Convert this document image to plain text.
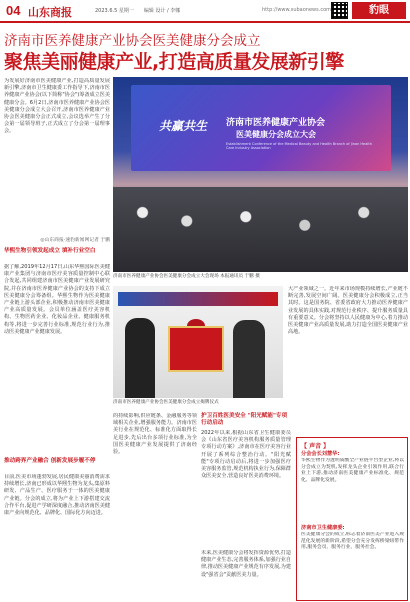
04 山东商报	2023.6.5 星期一　　编辑 设计 / 李娜	http://www.subaonews.com	豹眼
济南市医养健康产业协会医美健康分会成立
聚焦美丽健康产业,打造高质量发展新引擎
为发展好济南市医美健康产业,打造高质量发展新引擎,济南市卫生健康委工作指导下,济南市医养健康产业协会(以下简称"协会")筹备成立医美健康分会。6月2日,济南市医养健康产业协会医美健康分会成立大会召开,济南市医养健康产业协会医美健康分会正式成立,会议选举产生了分会第一届领导班子,正式成立了分会第一届理事会。
◎山东商报·速豹新闻网记者 于鹏
共赢共生 济南市医养健康产业协会
医美健康分会成立大会
Establishment Conference of the Medical Beauty and Health Branch of Jinan Health Care Industry Association
济南市医养健康产业协会医美健康分会成立大会现场 本报通讯员 于鹏 摄
华熙生物引领发起成立 填补行业空白
据了解,2019年12月17日,山东华熙国际医美健康产业集团与济南市医疗美容质量控制中心联合发起,共同组建济南市医美健康产业发展研究院,并在济南市医养健康产业协会的支持下成立医美健康分会筹备组。华熙生物作为医美健康产业链上游头部企业,积极推动济南市医美健康产业高质量发展。会员单位涵盖医疗美容机构、生物医药企业、化妆品企业、健康服务机构等,将进一步完善行业标准,规范行业行为,推动医美健康产业健康发展。
推动跨界产业融合 创新发展步履不停
目前,医美市场蓬勃发展,居民健康美丽消费需求持续增长,济南已形成以华熙生物为龙头,集原料研发、产品生产、医疗服务于一体的医美健康产业链。分会的成立,将为产业上下游搭建交流合作平台,促进产学研深度融合,推动济南医美健康产业向规范化、品牌化、国际化方向迈进。
济南市医养健康产业协会医美健康分会成立揭牌仪式
大产业领域之一。近年来市场规模持续增长,产业链不断完善,发展空间广阔。医美健康分会积极成立,正当其时。这是国务院、省委省政府大力推动医养健康产业发展的具体实践,对规范行业秩序、提升服务质量具有重要意义。分会将坚持以人民健康为中心,着力推动医美健康产业高质量发展,助力打造全国医美健康产业高地。
的持续影响,供应链条、金融服务等领域相关企业,增强服务能力。济南市医美行业在规范化、标准化方面取得长足进步,先后出台多项行业标准,为全国医美健康产业发展提供了济南经验。
护卫百姓医美安全 "阳光赋能"专项行动启动
2022年以来,根据山东省卫生健康委员会《山东省医疗美容机构服务质量管理专项行动方案》,济南市在医疗美容行业开展了系列综合整治行动。"阳光赋能"专项行动启动后,将进一步加强医疗美容服务监管,规范机构执业行为,保障群众医美安全,营造良好医美消费环境。
未来,医美健康分会将发挥资源优势,打造健康产业生态,完善服务体系,加强行业自律,推动医美健康产业规范有序发展,为建设"强省会"贡献医美力量。
【 声音 】
分会会长刘慧华:
华熙生物作为透明质酸全产业链平台型企业,将以分会成立为契机,发挥龙头企业引领作用,联合行业上下游,推动济南医美健康产业标准化、规范化、品牌化发展。
济南市卫生健康委:
医美健康分会的成立,标志着济南医美产业进入规范化发展的新阶段,希望分会充分发挥桥梁纽带作用,服务会员、服务行业、服务社会。
